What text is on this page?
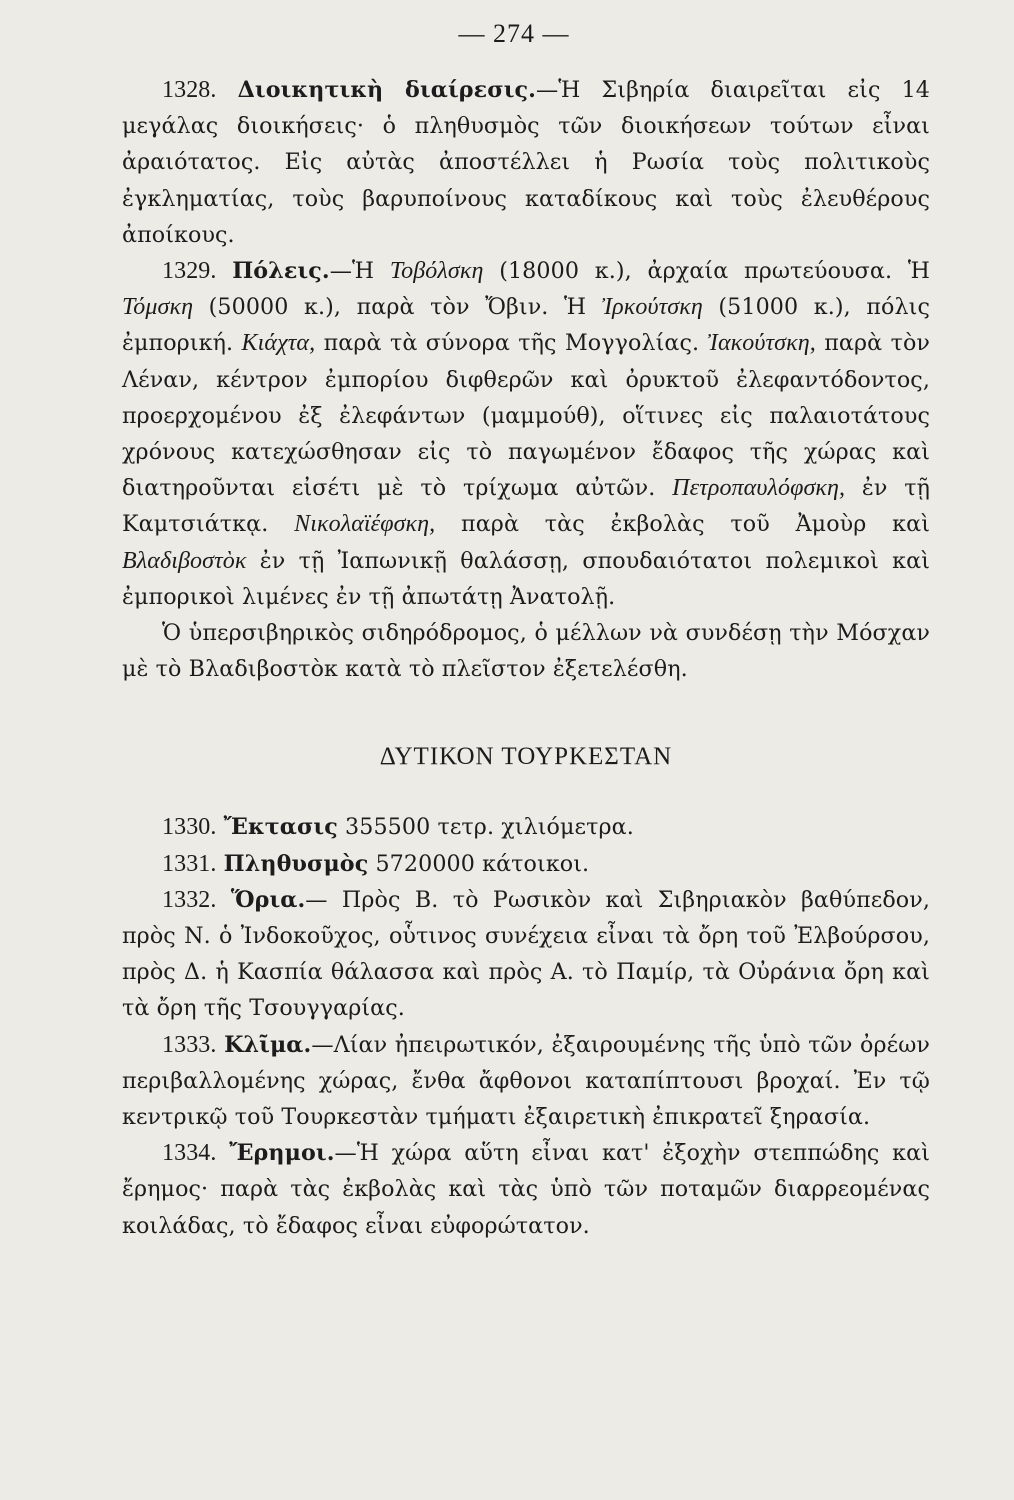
— 274 —

1328. Διοικητικὴ διαίρεσις.—Ἡ Σιβηρία διαιρεῖται εἰς 14 μεγάλας διοικήσεις· ὁ πληθυσμὸς τῶν διοικήσεων τούτων εἶναι ἀραιότατος. Εἰς αὐτὰς ἀποστέλλει ἡ Ρωσία τοὺς πολιτικοὺς ἐγκληματίας, τοὺς βαρυποίνους καταδίκους καὶ τοὺς ἐλευθέρους ἀποίκους.

1329. Πόλεις.—Ἡ Τοβόλσκη (18000 κ.), ἀρχαία πρωτεύουσα. Ἡ Τόμσκη (50000 κ.), παρὰ τὸν Ὄβιν. Ἡ Ἰρκούτσκη (51000 κ.), πόλις ἐμπορική. Κιάχτα, παρὰ τὰ σύνορα τῆς Μογγολίας. Ἰακούτσκη, παρὰ τὸν Λέναν, κέντρον ἐμπορίου διφθερῶν καὶ ὀρυκτοῦ ἐλεφαντόδοντος, προερχομένου ἐξ ἐλεφάντων (μαμμούθ), οἵτινες εἰς παλαιοτάτους χρόνους κατεχώσθησαν εἰς τὸ παγωμένον ἔδαφος τῆς χώρας καὶ διατηροῦνται εἰσέτι μὲ τὸ τρίχωμα αὐτῶν. Πετροπαυλόφσκη, ἐν τῇ Καμτσιάτκᾳ. Νικολαϊέφσκη, παρὰ τὰς ἐκβολὰς τοῦ Ἀμοὺρ καὶ Βλαδιβοστὸκ ἐν τῇ Ἰαπωνικῇ θαλάσσῃ, σπουδαιότατοι πολεμικοὶ καὶ ἐμπορικοὶ λιμένες ἐν τῇ ἀπωτάτῃ Ἀνατολῇ.

Ὁ ὑπερσιβηρικὸς σιδηρόδρομος, ὁ μέλλων νὰ συνδέσῃ τὴν Μόσχαν μὲ τὸ Βλαδιβοστὸκ κατὰ τὸ πλεῖστον ἐξετελέσθη.

ΔΥΤΙΚΟΝ ΤΟΥΡΚΕΣΤΑΝ

1330. Ἔκτασις 355500 τετρ. χιλιόμετρα.

1331. Πληθυσμὸς 5720000 κάτοικοι.

1332. Ὅρια.— Πρὸς Β. τὸ Ρωσικὸν καὶ Σιβηριακὸν βαθύπεδον, πρὸς Ν. ὁ Ἰνδοκοῦχος, οὗτινος συνέχεια εἶναι τὰ ὄρη τοῦ Ἐλβούρσου, πρὸς Δ. ἡ Κασπία θάλασσα καὶ πρὸς Α. τὸ Παμίρ, τὰ Οὐράνια ὄρη καὶ τὰ ὄρη τῆς Τσουγγαρίας.

1333. Κλῖμα.—Λίαν ἠπειρωτικόν, ἐξαιρουμένης τῆς ὑπὸ τῶν ὀρέων περιβαλλομένης χώρας, ἔνθα ἄφθονοι καταπίπτουσι βροχαί. Ἐν τῷ κεντρικῷ τοῦ Τουρκεστὰν τμήματι ἐξαιρετικὴ ἐπικρατεῖ ξηρασία.

1334. Ἔρημοι.—Ἡ χώρα αὕτη εἶναι κατ' ἐξοχὴν στεππώδης καὶ ἔρημος· παρὰ τὰς ἐκβολὰς καὶ τὰς ὑπὸ τῶν ποταμῶν διαρρεομένας κοιλάδας, τὸ ἔδαφος εἶναι εὐφορώτατον.
